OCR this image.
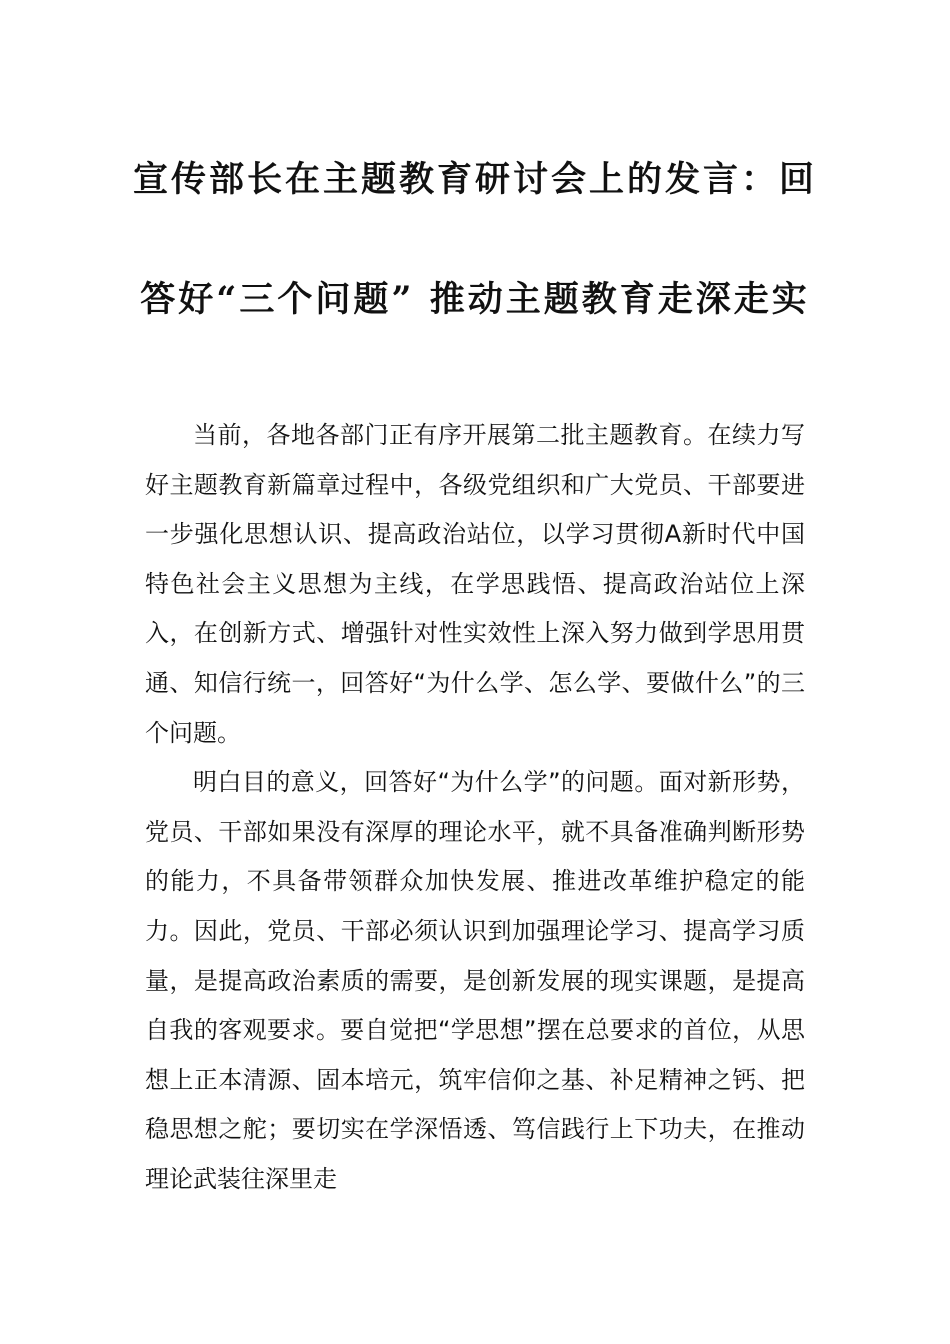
宣传部长在主题教育研讨会上的发言：回
答好“三个问题” 推动主题教育走深走实

当前，各地各部门正有序开展第二批主题教育。在续力写好主题教育新篇章过程中，各级党组织和广大党员、干部要进一步强化思想认识、提高政治站位，以学习贯彻A新时代中国特色社会主义思想为主线，在学思践悟、提高政治站位上深入，在创新方式、增强针对性实效性上深入努力做到学思用贯通、知信行统一，回答好“为什么学、怎么学、要做什么”的三个问题。

明白目的意义，回答好“为什么学”的问题。面对新形势，党员、干部如果没有深厚的理论水平，就不具备准确判断形势的能力，不具备带领群众加快发展、推进改革维护稳定的能力。因此，党员、干部必须认识到加强理论学习、提高学习质量，是提高政治素质的需要，是创新发展的现实课题，是提高自我的客观要求。要自觉把“学思想”摆在总要求的首位，从思想上正本清源、固本培元，筑牢信仰之基、补足精神之钙、把稳思想之舵；要切实在学深悟透、笃信践行上下功夫，在推动理论武装往深里走
